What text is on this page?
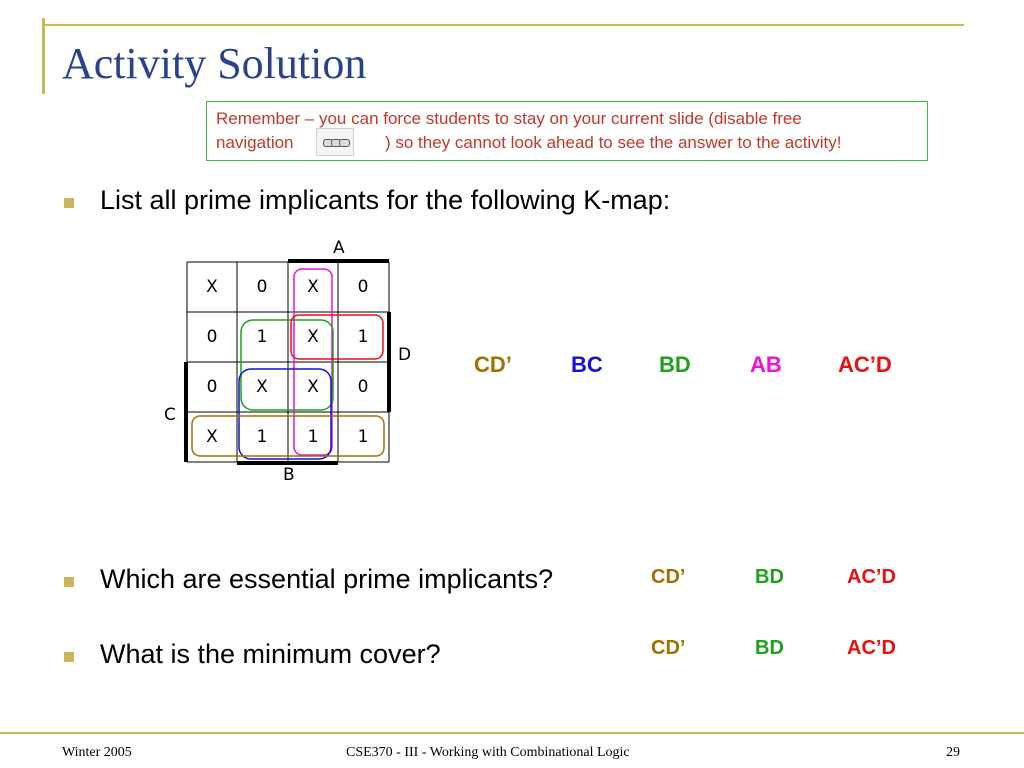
Activity Solution
Remember – you can force students to stay on your current slide (disable free
navigation	) so they cannot look ahead to see the answer to the activity!
List all prime implicants for the following K-map:
Which are essential prime implicants?
What is the minimum cover?
X	0	X	0
0	1	X	1
0	X	X	0
X	1	1	1
A
D
C
B
CD’	BC	BD	AB	AC’D
CD’	BD	AC’D
CD’	BD	AC’D
Winter 2005	CSE370 - III - Working with Combinational Logic	29
